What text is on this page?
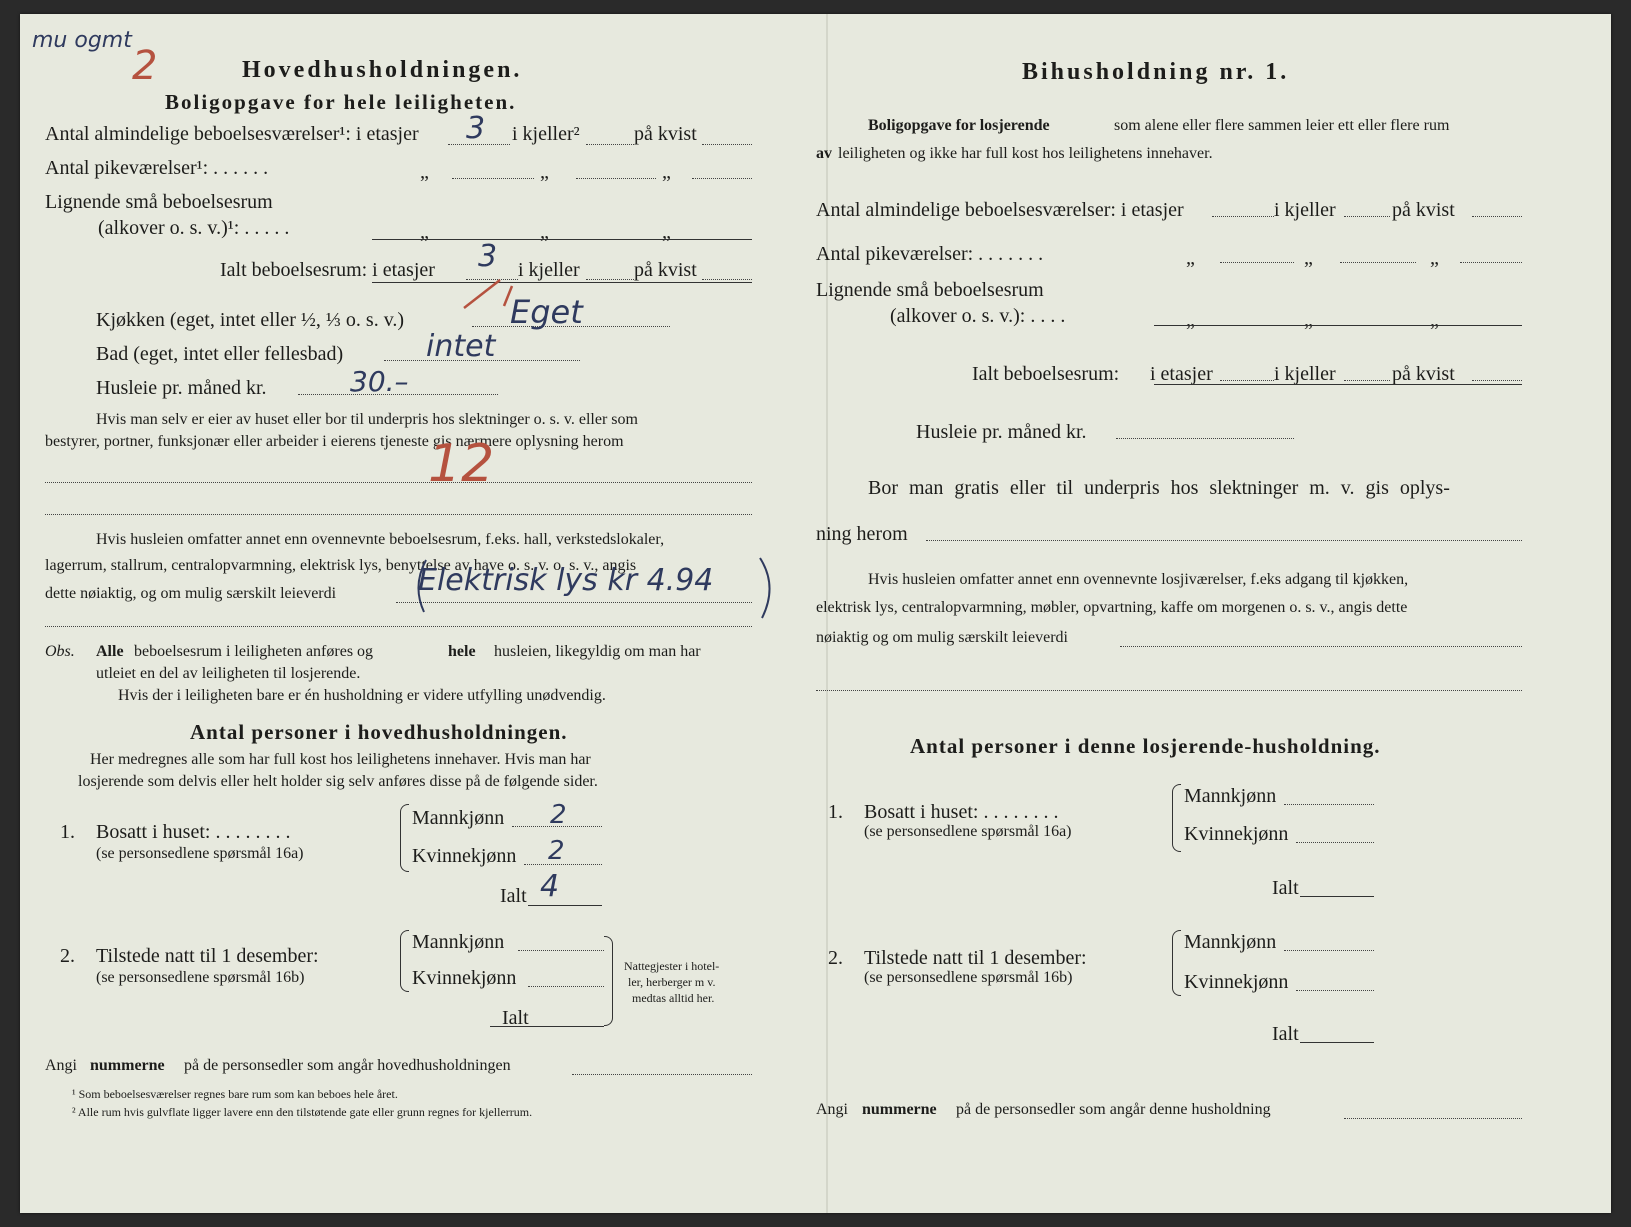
mu ogmt
2	Hovedhusholdningen.
Boligopgave for hele leiligheten.
Antal almindelige beboelsesværelser¹: i etasjer 3 i kjeller²	på kvist
Antal pikeværelser¹: . . . . . .	„	„	„
Lignende små beboelsesrum
(alkover o. s. v.)¹: . . . . .	„	„	„
Ialt beboelsesrum: i etasjer 3 i kjeller	på kvist
Kjøkken (eget, intet eller ½, ⅓ o. s. v.)	Eget
Bad (eget, intet eller fellesbad)	intet
Husleie pr. måned kr.	30.–
Hvis man selv er eier av huset eller bor til underpris hos slektninger o. s. v. eller som
bestyrer, portner, funksjonær eller arbeider i eierens tjeneste gis nærmere oplysning herom
12
Hvis husleien omfatter annet enn ovennevnte beboelsesrum, f.eks. hall, verkstedslokaler,
lagerrum, stallrum, centralopvarmning, elektrisk lys, benyttelse av have o. s. v. o. s. v., angis
dette nøiaktig, og om mulig særskilt leieverdi	Elektrisk lys kr 4.94
Obs. Alle beboelsesrum i leiligheten anføres og	hele husleien, likegyldig om man har
utleiet en del av leiligheten til losjerende.
Hvis der i leiligheten bare er én husholdning er videre utfylling unødvendig.
Antal personer i hovedhusholdningen.
Her medregnes alle som har full kost hos leilighetens innehaver. Hvis man har
losjerende som delvis eller helt holder sig selv anføres disse på de følgende sider.
1. Bosatt i huset: . . . . . . . .
(se personsedlene spørsmål 16a)
Mannkjønn 2
Kvinnekjønn 2
Ialt 4
2. Tilstede natt til 1 desember:
(se personsedlene spørsmål 16b)
Mannkjønn
Kvinnekjønn
Ialt
Nattegjester i hotel-
ler, herberger m v.
medtas alltid her.
Angi nummerne på de personsedler som angår hovedhusholdningen
¹ Som beboelsesværelser regnes bare rum som kan beboes hele året.
² Alle rum hvis gulvflate ligger lavere enn den tilstøtende gate eller grunn regnes for kjellerrum.
Bihusholdning nr. 1.
Boligopgave for losjerende	som alene eller flere sammen leier ett eller flere rum
av leiligheten og ikke har full kost hos leilighetens innehaver.
Antal almindelige beboelsesværelser: i etasjer	i kjeller	på kvist
Antal pikeværelser: . . . . . . .	„	„	„
Lignende små beboelsesrum
(alkover o. s. v.): . . . .	„	„	„
Ialt beboelsesrum: i etasjer	i kjeller	på kvist
Husleie pr. måned kr.
Bor man gratis eller til underpris hos slektninger m. v. gis oplys-
ning herom
Hvis husleien omfatter annet enn ovennevnte losjiværelser, f.eks adgang til kjøkken,
elektrisk lys, centralopvarmning, møbler, opvartning, kaffe om morgenen o. s. v., angis dette
nøiaktig og om mulig særskilt leieverdi
Antal personer i denne losjerende-husholdning.
1. Bosatt i huset: . . . . . . . .
(se personsedlene spørsmål 16a)
Mannkjønn
Kvinnekjønn
Ialt
2. Tilstede natt til 1 desember:
(se personsedlene spørsmål 16b)
Mannkjønn
Kvinnekjønn
Ialt
Angi nummerne på de personsedler som angår denne husholdning
